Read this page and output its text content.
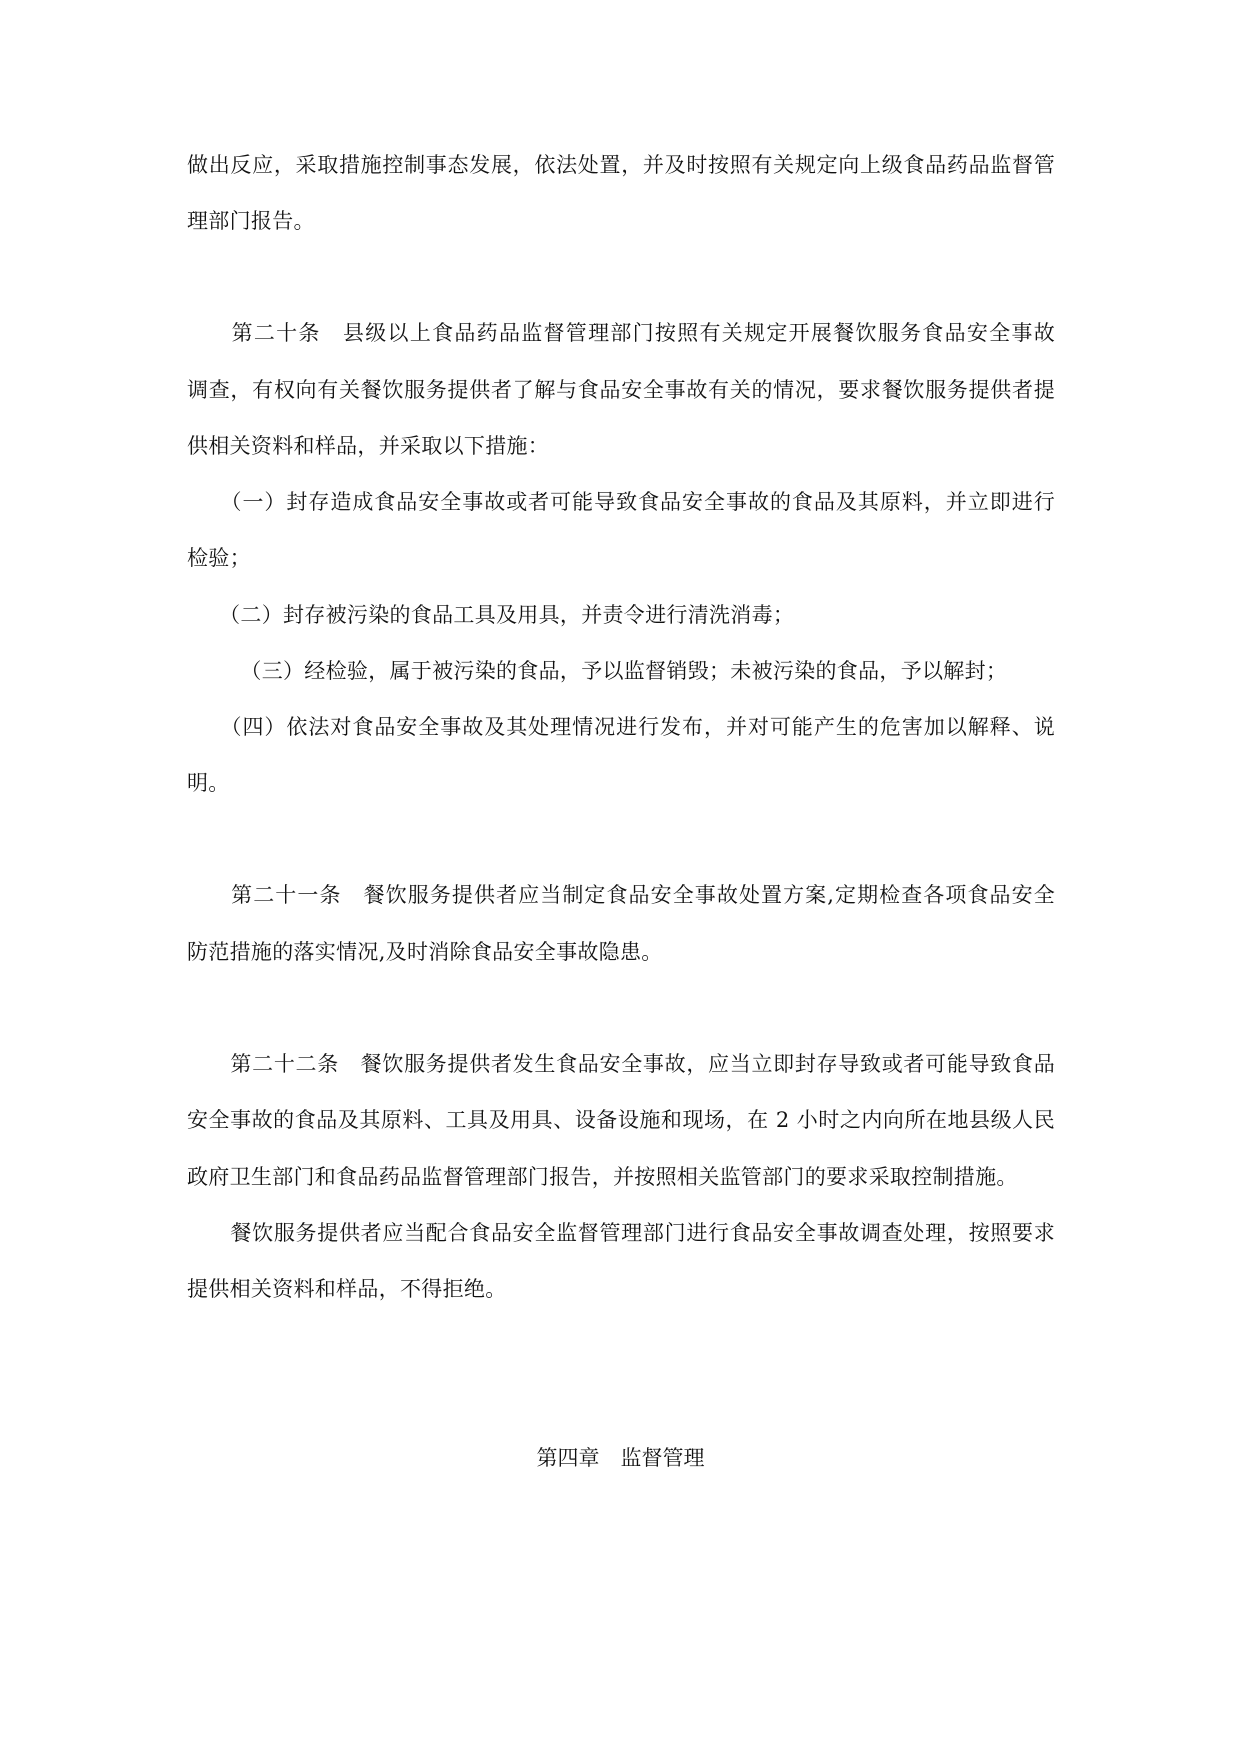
做出反应，采取措施控制事态发展，依法处置，并及时按照有关规定向上级食品药品监督管
理部门报告。
　　第二十条　县级以上食品药品监督管理部门按照有关规定开展餐饮服务食品安全事故
调查，有权向有关餐饮服务提供者了解与食品安全事故有关的情况，要求餐饮服务提供者提
供相关资料和样品，并采取以下措施：
　　（一）封存造成食品安全事故或者可能导致食品安全事故的食品及其原料，并立即进行
检验；
　　（二）封存被污染的食品工具及用具，并责令进行清洗消毒；
　　　（三）经检验，属于被污染的食品，予以监督销毁；未被污染的食品，予以解封；
　　（四）依法对食品安全事故及其处理情况进行发布，并对可能产生的危害加以解释、说
明。
　　第二十一条　餐饮服务提供者应当制定食品安全事故处置方案,定期检查各项食品安全
防范措施的落实情况,及时消除食品安全事故隐患。
　　第二十二条　餐饮服务提供者发生食品安全事故，应当立即封存导致或者可能导致食品
安全事故的食品及其原料、工具及用具、设备设施和现场，在 2 小时之内向所在地县级人民
政府卫生部门和食品药品监督管理部门报告，并按照相关监管部门的要求采取控制措施。
　　餐饮服务提供者应当配合食品安全监督管理部门进行食品安全事故调查处理，按照要求
提供相关资料和样品，不得拒绝。
第四章　监督管理
